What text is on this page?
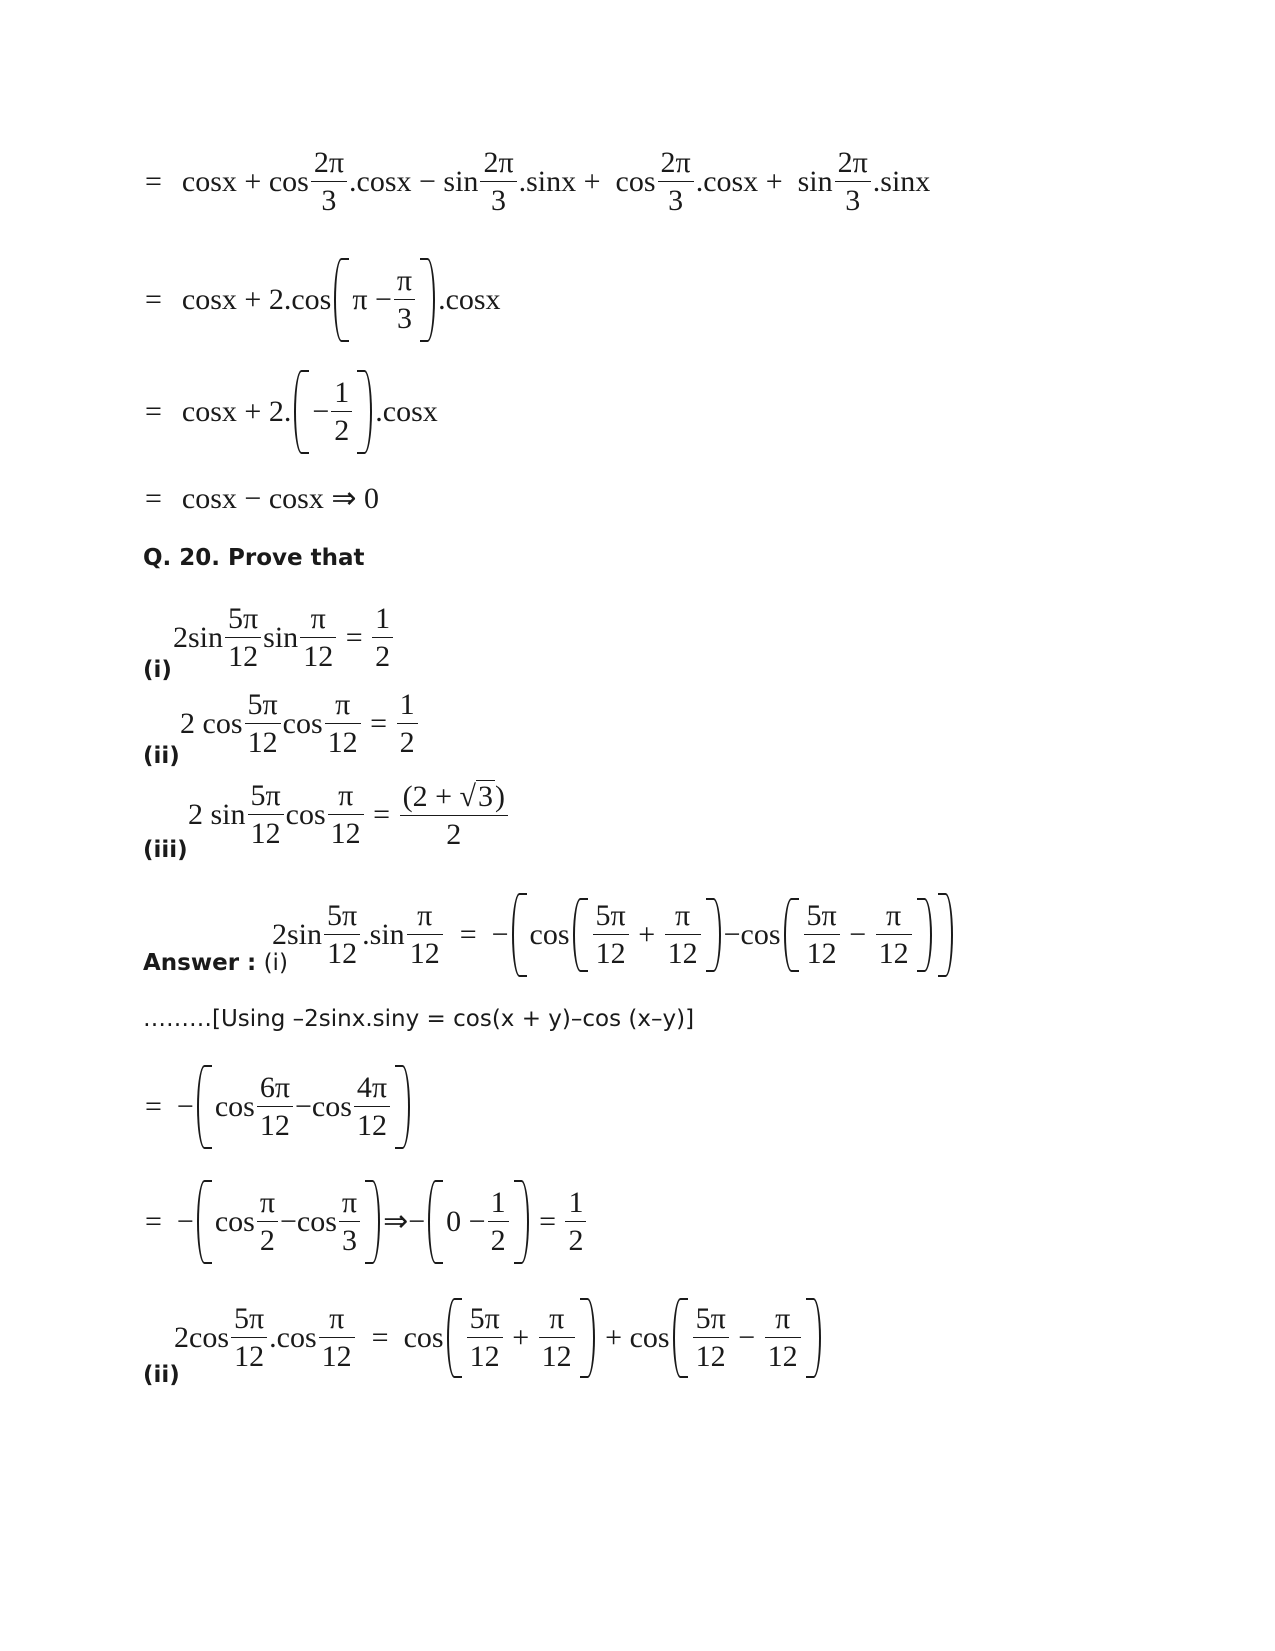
= cosx
+
$\cos \frac{2\pi}{3} .\cos x$
−
$\sin \frac{2\pi}{3} .\sin x$
+
$\cos \frac{2\pi}{3} .\cos x$
+
$\sin \frac{2\pi}{3} .\sin x$
= cosx + 2.cos $\pi - \frac{\pi}{3} .\cos x$
= cosx + 2. − $\frac{1}{2} .\cos x$
= cosx − cosx ⇒ 0
Q. 20. Prove that
$2\sin \frac{5\pi}{12}$ $\sin \frac{\pi}{12}$
=
$\frac{1}{2}$
(i)
2 $\cos \frac{5\pi}{12}$ $\cos \frac{\pi}{12}$
=
$\frac{1}{2}$
(ii)
2 $\sin \frac{5\pi}{12}$ $\cos \frac{\pi}{12}$
=
$\frac{(2 + √3)}{2}$
(iii)
$2\sin \frac{5\pi}{12} .\sin \frac{\pi}{12}$
=
− $\cos \frac{5\pi}{12}$
+
$\frac{\pi}{12} -\cos \frac{5\pi}{12}$
−
$\frac{\pi}{12}$
Answer : (i)
………[Using –2sinx.siny = cos(x + y)–cos (x–y)]
=
− $\cos \frac{6\pi}{12} -\cos \frac{4\pi}{12}$
=
− $\cos \frac{\pi}{2} -\cos \frac{\pi}{3}$ ⇒ − $0 - \frac{1}{2}$
=
$\frac{1}{2}$
$2\cos \frac{5\pi}{12} .\cos \frac{\pi}{12}$
=
$\cos \frac{5\pi}{12}$
+
$\frac{\pi}{12}$
+
$\cos \frac{5\pi}{12}$
−
$\frac{\pi}{12}$
(ii)
